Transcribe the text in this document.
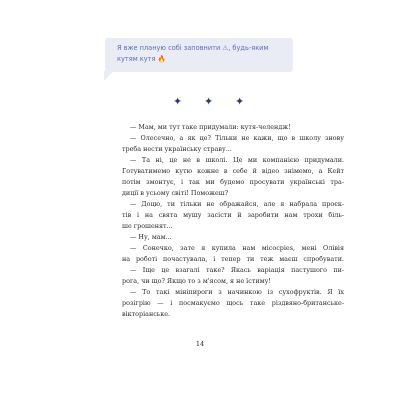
Я вже планую собі заповнити ⚠, будь-яким

кутям кутя 🔥

✦ ✦ ✦
— Мам, ми тут таке придумали: кутя-челендж!
— Олесечно, а як це? Тільки не кажи, що в школу знову
треба нести українську страву...
— Та ні, це не в школі. Це ми компанією придумали.
Готуватимемо кутю кожне в себе й відео знімемо, а Кейт
потім змонтує, і так ми будемо просувати українські тра-
диції в усьому світі! Поможеш?
— Доцю, ти тільки не ображайся, але я набрала проєк-
тів і на свята мушу засісти й заробити нам трохи біль-
ше грошенят...
— Ну, мам...
— Сонечко, зате я купила нам місосpies, мені Олівія
на роботі почастувала, і тепер ти теж маєш спробувати.
— Іще це взагалі таке? Якась варіація пастушого пи-
рога, чи що? Якщо то з м'ясом, я не їстиму!
— То такі мініпироги з начинкою із сухофруктів. Я їх
розігрію — і посмакуємо щось таке різдвяно-британське-
вікторіанське.
14
